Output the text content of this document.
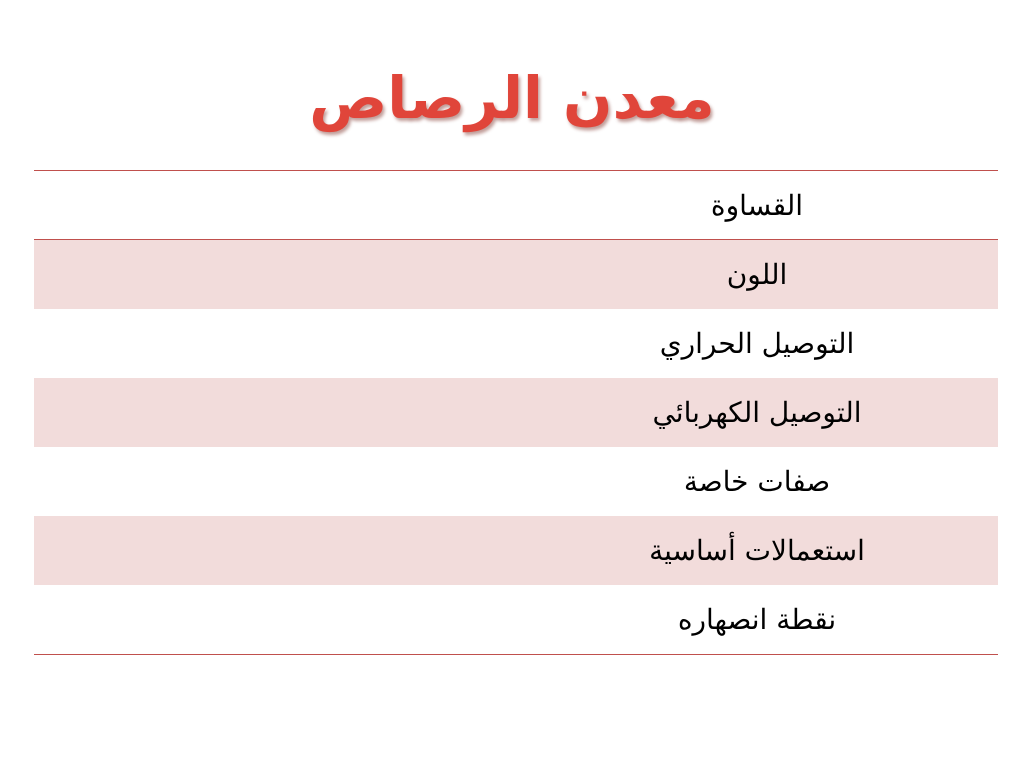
معدن الرصاص
القساوة
اللون
التوصيل الحراري
التوصيل الكهربائي
صفات خاصة
استعمالات أساسية
نقطة انصهاره
